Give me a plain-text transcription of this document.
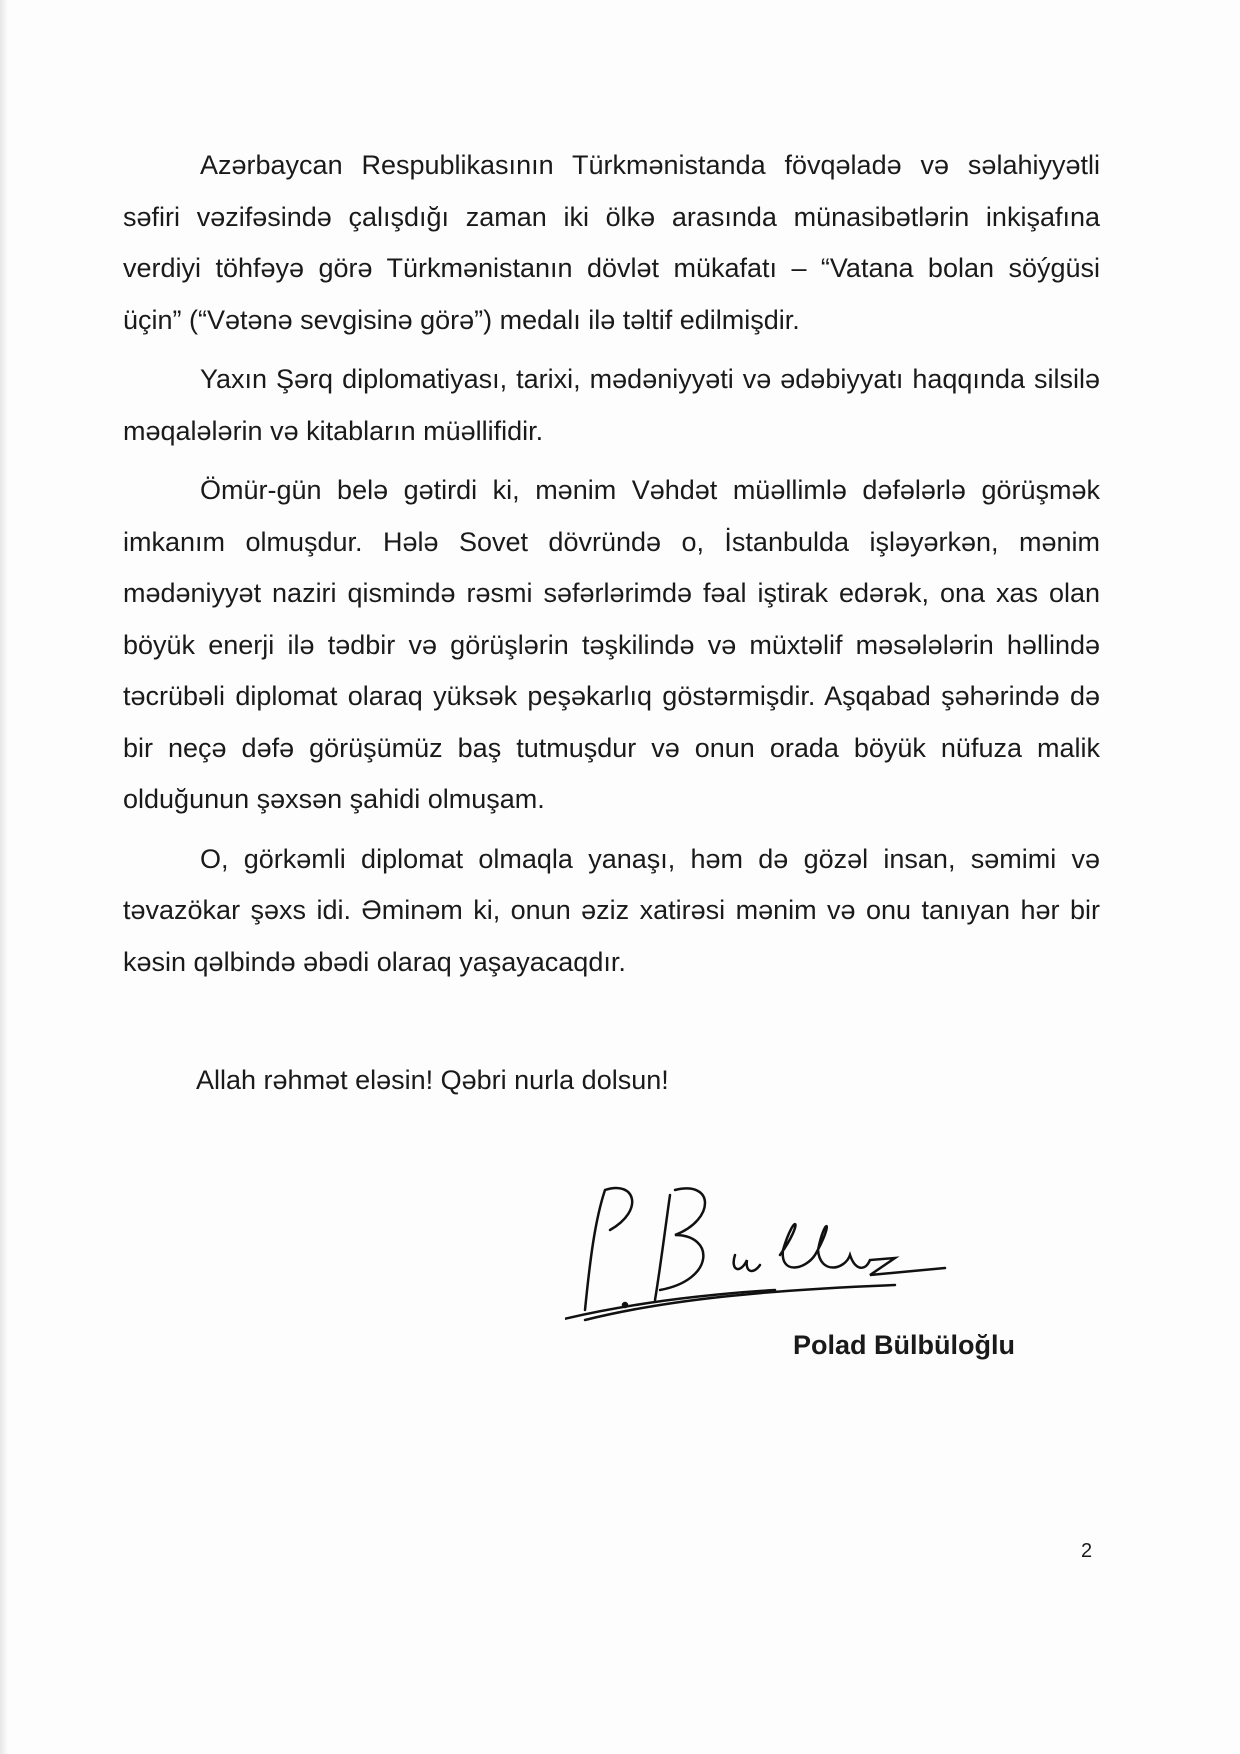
Azərbaycan Respublikasının Türkmənistanda fövqəladə və səlahiyyətli səfiri vəzifəsində çalışdığı zaman iki ölkə arasında münasibətlərin inkişafına verdiyi töhfəyə görə Türkmənistanın dövlət mükafatı – “Vatana bolan söýgüsi üçin” (“Vətənə sevgisinə görə”) medalı ilə təltif edilmişdir.

Yaxın Şərq diplomatiyası, tarixi, mədəniyyəti və ədəbiyyatı haqqında silsilə məqalələrin və kitabların müəllifidir.

Ömür-gün belə gətirdi ki, mənim Vəhdət müəllimlə dəfələrlə görüşmək imkanım olmuşdur. Hələ Sovet dövründə o, İstanbulda işləyərkən, mənim mədəniyyət naziri qismində rəsmi səfərlərimdə fəal iştirak edərək, ona xas olan böyük enerji ilə tədbir və görüşlərin təşkilində və müxtəlif məsələlərin həllində təcrübəli diplomat olaraq yüksək peşəkarlıq göstərmişdir. Aşqabad şəhərində də bir neçə dəfə görüşümüz baş tutmuşdur və onun orada böyük nüfuza malik olduğunun şəxsən şahidi olmuşam.

O, görkəmli diplomat olmaqla yanaşı, həm də gözəl insan, səmimi və təvazökar şəxs idi. Əminəm ki, onun əziz xatirəsi mənim və onu tanıyan hər bir kəsin qəlbində əbədi olaraq yaşayacaqdır.

Allah rəhmət eləsin! Qəbri nurla dolsun!
Polad Bülbüloğlu
2
